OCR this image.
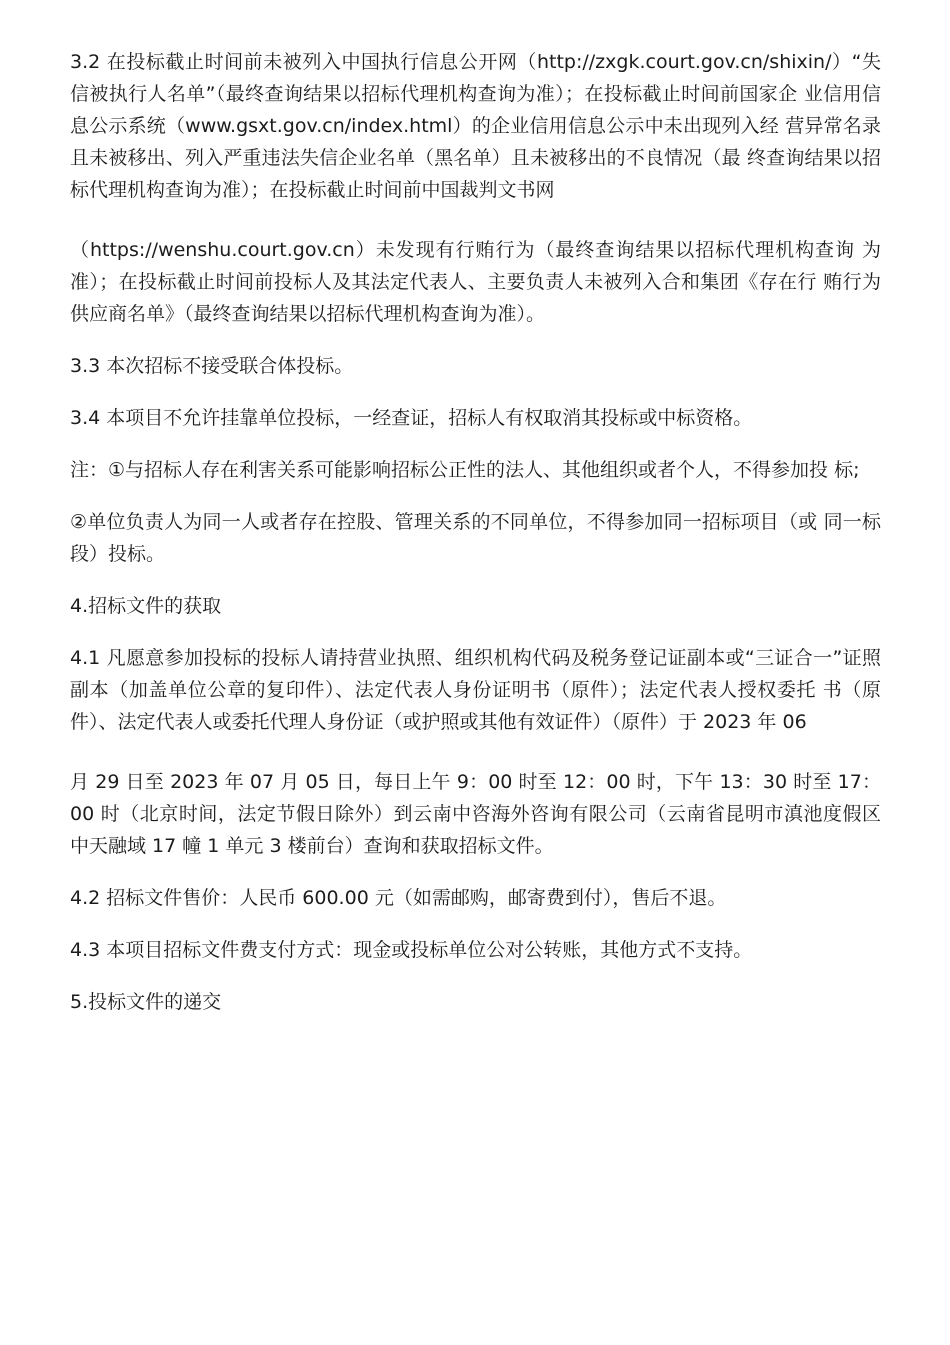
3.2 在投标截止时间前未被列入中国执行信息公开网（http://zxgk.court.gov.cn/shixin/）“失信被执行人名单”（最终查询结果以招标代理机构查询为准）；在投标截止时间前国家企 业信用信息公示系统（www.gsxt.gov.cn/index.html）的企业信用信息公示中未出现列入经 营异常名录且未被移出、列入严重违法失信企业名单（黑名单）且未被移出的不良情况（最 终查询结果以招标代理机构查询为准）；在投标截止时间前中国裁判文书网

（https://wenshu.court.gov.cn）未发现有行贿行为（最终查询结果以招标代理机构查询 为准）；在投标截止时间前投标人及其法定代表人、主要负责人未被列入合和集团《存在行 贿行为供应商名单》（最终查询结果以招标代理机构查询为准）。

3.3 本次招标不接受联合体投标。

3.4 本项目不允许挂靠单位投标，一经查证，招标人有权取消其投标或中标资格。

注：①与招标人存在利害关系可能影响招标公正性的法人、其他组织或者个人，不得参加投 标;

②单位负责人为同一人或者存在控股、管理关系的不同单位，不得参加同一招标项目（或 同一标段）投标。

4.招标文件的获取

4.1 凡愿意参加投标的投标人请持营业执照、组织机构代码及税务登记证副本或“三证合一”证照副本（加盖单位公章的复印件）、法定代表人身份证明书（原件）；法定代表人授权委托 书（原件）、法定代表人或委托代理人身份证（或护照或其他有效证件）（原件）于 2023 年 06

月 29 日至 2023 年 07 月 05 日，每日上午 9：00 时至 12：00 时，下午 13：30 时至 17：00 时（北京时间，法定节假日除外）到云南中咨海外咨询有限公司（云南省昆明市滇池度假区 中天融域 17 幢 1 单元 3 楼前台）查询和获取招标文件。

4.2 招标文件售价：人民币 600.00 元（如需邮购，邮寄费到付），售后不退。

4.3 本项目招标文件费支付方式：现金或投标单位公对公转账，其他方式不支持。

5.投标文件的递交
